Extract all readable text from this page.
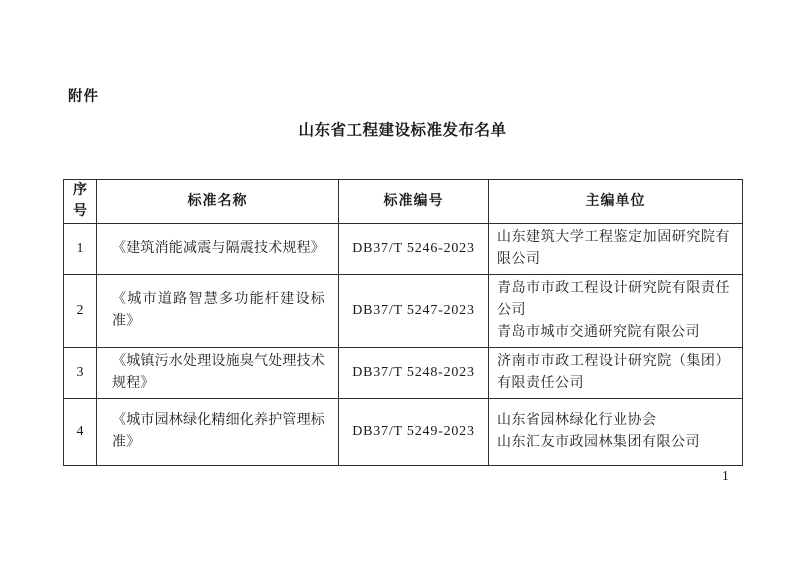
附件
山东省工程建设标准发布名单
序号	标准名称	标准编号	主编单位
1	《建筑消能减震与隔震技术规程》	DB37/T 5246-2023	山东建筑大学工程鉴定加固研究院有限公司

2	《城市道路智慧多功能杆建设标准》	DB37/T 5247-2023	青岛市市政工程设计研究院有限责任公司
青岛市城市交通研究院有限公司

3	《城镇污水处理设施臭气处理技术规程》	DB37/T 5248-2023	济南市市政工程设计研究院（集团）有限责任公司

4	《城市园林绿化精细化养护管理标准》	DB37/T 5249-2023	山东省园林绿化行业协会
山东汇友市政园林集团有限公司
1
